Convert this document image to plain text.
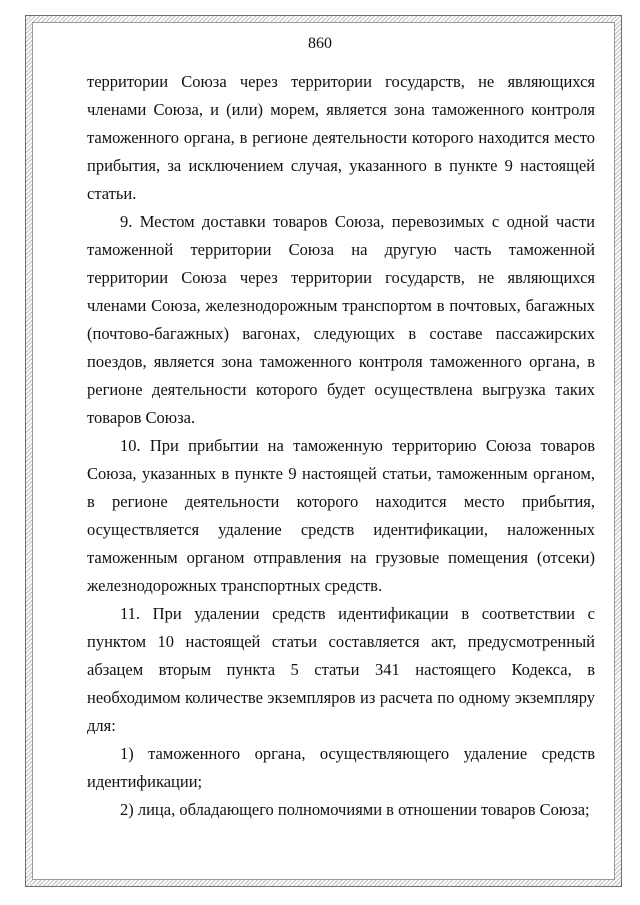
860

территории Союза через территории государств, не являющихся членами Союза, и (или) морем, является зона таможенного контроля таможенного органа, в регионе деятельности которого находится место прибытия, за исключением случая, указанного в пункте 9 настоящей статьи.

9. Местом доставки товаров Союза, перевозимых с одной части таможенной территории Союза на другую часть таможенной территории Союза через территории государств, не являющихся членами Союза, железнодорожным транспортом в почтовых, багажных (почтово-багажных) вагонах, следующих в составе пассажирских поездов, является зона таможенного контроля таможенного органа, в регионе деятельности которого будет осуществлена выгрузка таких товаров Союза.

10. При прибытии на таможенную территорию Союза товаров Союза, указанных в пункте 9 настоящей статьи, таможенным органом, в регионе деятельности которого находится место прибытия, осуществляется удаление средств идентификации, наложенных таможенным органом отправления на грузовые помещения (отсеки) железнодорожных транспортных средств.

11. При удалении средств идентификации в соответствии с пунктом 10 настоящей статьи составляется акт, предусмотренный абзацем вторым пункта 5 статьи 341 настоящего Кодекса, в необходимом количестве экземпляров из расчета по одному экземпляру для:

1) таможенного органа, осуществляющего удаление средств идентификации;

2) лица, обладающего полномочиями в отношении товаров Союза;
